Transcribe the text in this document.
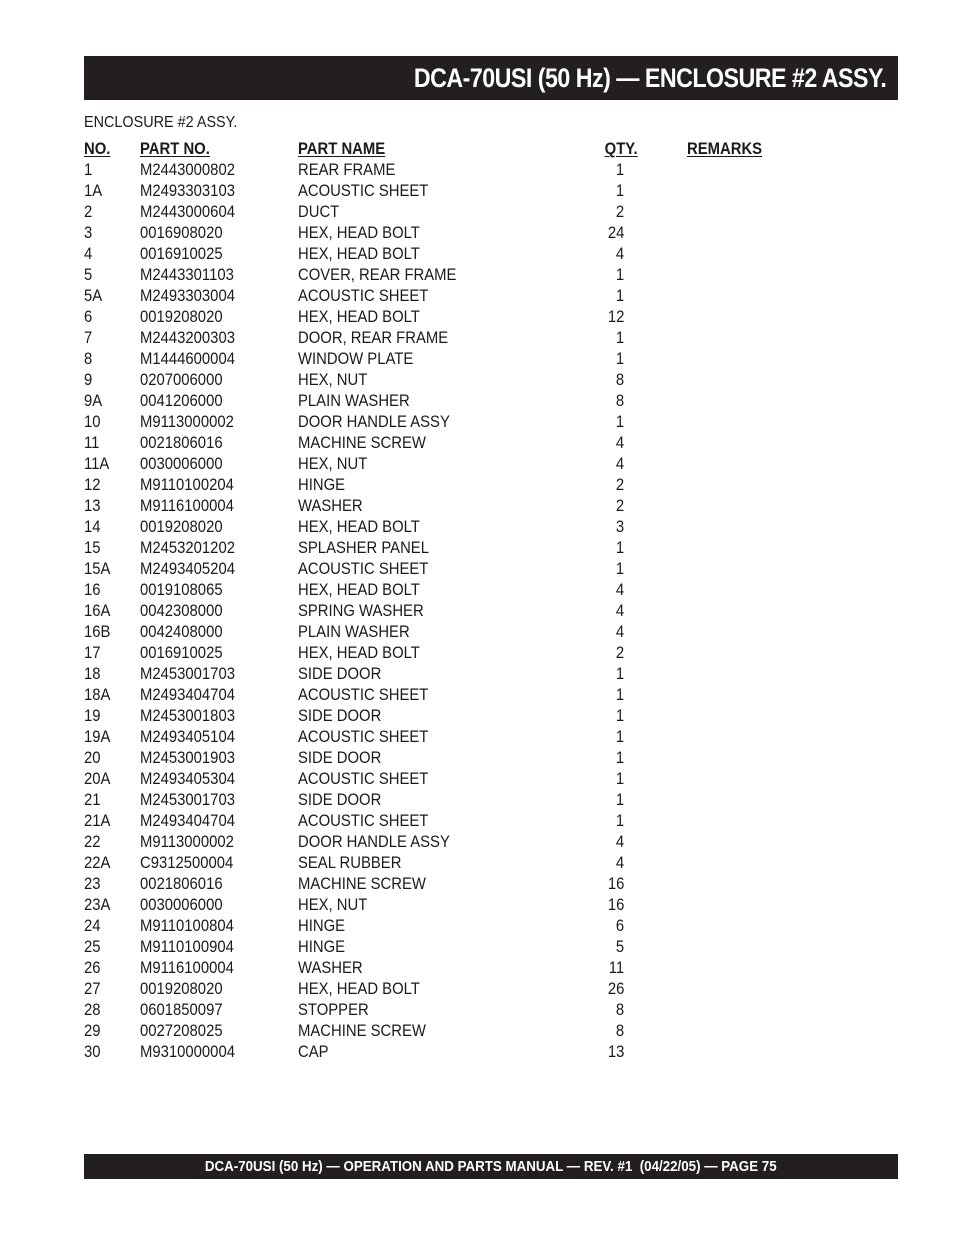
DCA-70USI (50 Hz) — ENCLOSURE #2 ASSY.
ENCLOSURE #2 ASSY.
NO. PART NO.	PART NAME	QTY.	REMARKS
1	M2443000802	REAR FRAME	1
1A M2493303103	ACOUSTIC SHEET	1
2	M2443000604	DUCT	2
3	0016908020	HEX, HEAD BOLT	24
4	0016910025	HEX, HEAD BOLT	4
5	M2443301103	COVER, REAR FRAME	1
5A M2493303004	ACOUSTIC SHEET	1
6	0019208020	HEX, HEAD BOLT	12
7	M2443200303	DOOR, REAR FRAME	1
8	M1444600004	WINDOW PLATE	1
9	0207006000	HEX, NUT	8
9A 0041206000	PLAIN WASHER	8
10 M9113000002	DOOR HANDLE ASSY	1
11 0021806016	MACHINE SCREW	4
11A 0030006000	HEX, NUT	4
12 M9110100204	HINGE	2
13 M9116100004	WASHER	2
14 0019208020	HEX, HEAD BOLT	3
15 M2453201202	SPLASHER PANEL	1
15A M2493405204	ACOUSTIC SHEET	1
16 0019108065	HEX, HEAD BOLT	4
16A 0042308000	SPRING WASHER	4
16B 0042408000	PLAIN WASHER	4
17 0016910025	HEX, HEAD BOLT	2
18 M2453001703	SIDE DOOR	1
18A M2493404704	ACOUSTIC SHEET	1
19 M2453001803	SIDE DOOR	1
19A M2493405104	ACOUSTIC SHEET	1
20 M2453001903	SIDE DOOR	1
20A M2493405304	ACOUSTIC SHEET	1
21 M2453001703	SIDE DOOR	1
21A M2493404704	ACOUSTIC SHEET	1
22 M9113000002	DOOR HANDLE ASSY	4
22A C9312500004	SEAL RUBBER	4
23 0021806016	MACHINE SCREW	16
23A 0030006000	HEX, NUT	16
24 M9110100804	HINGE	6
25 M9110100904	HINGE	5
26 M9116100004	WASHER	11
27 0019208020	HEX, HEAD BOLT	26
28 0601850097	STOPPER	8
29 0027208025	MACHINE SCREW	8
30 M9310000004	CAP	13
DCA-70USI (50 Hz) — OPERATION AND PARTS MANUAL — REV. #1  (04/22/05) — PAGE 75
